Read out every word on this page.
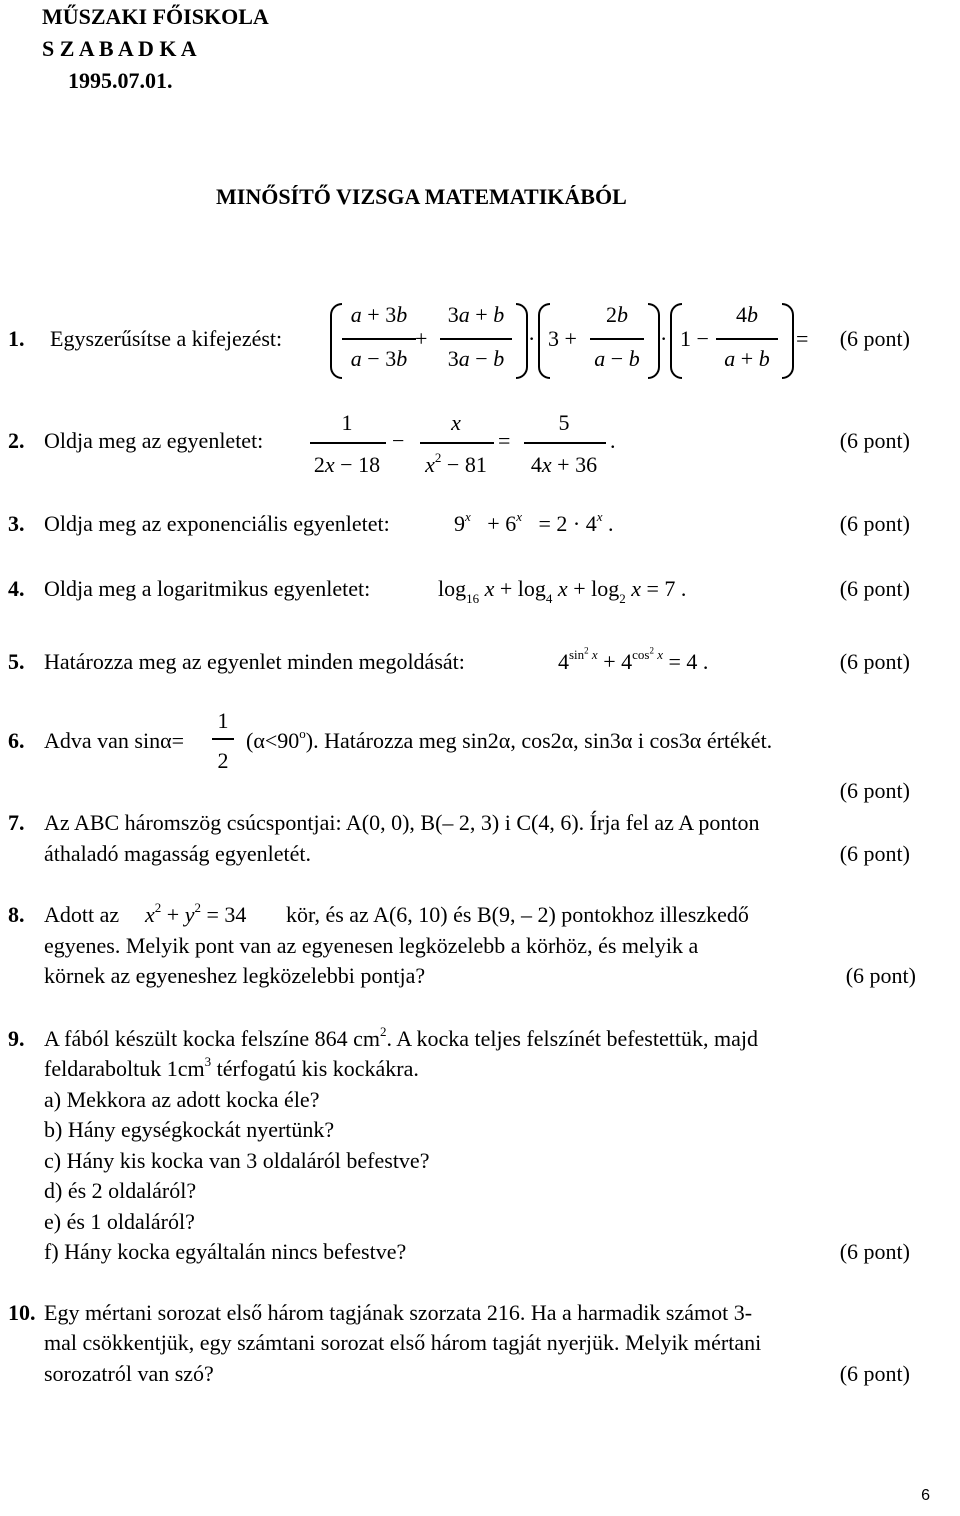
MŰSZAKI FŐISKOLA
S Z A B A D K A
1995.07.01.
MINŐSÍTŐ VIZSGA MATEMATIKÁBÓL
1. Egyszerűsítse a kifejezést:
a + 3b
a − 3b
+
3a + b
3a − b
· 3 +
2b
a − b
· 1 −
4b
a + b
= (6 pont)
2. Oldja meg az egyenletet:
1
2x − 18
−
x
$x^2 - 81$
=
5
4x + 36
.	(6 pont)
3. Oldja meg az exponenciális egyenletet:	$9^x + 6^x = 2 \cdot 4^x$ .	(6 pont)
4. Oldja meg a logaritmikus egyenletet:	$\log_{16} x + \log_4 x + \log_2 x = 7$ .	(6 pont)
5. Határozza meg az egyenlet minden megoldását:	$4^{sin^2 x} + 4^{cos^2 x} = 4$ .	(6 pont)
6. Adva van sinα=
1
2
$(\alpha<90^o)$. Határozza meg sin2α, cos2α, sin3α i cos3α értékét.
(6 pont)
7. Az ABC háromszög csúcspontjai: A(0, 0), B(– 2, 3) i C(4, 6). Írja fel az A ponton
áthaladó magasság egyenletét.	(6 pont)
8. Adott az $x^2 + y^2 = 34$ kör, és az A(6, 10) és B(9, – 2) pontokhoz illeszkedő
egyenes. Melyik pont van az egyenesen legközelebb a körhöz, és melyik a
körnek az egyeneshez legközelebbi pontja?	(6 pont)
9. A fából készült kocka felszíne 864 $cm^2$. A kocka teljes felszínét befestettük, majd
feldaraboltuk $1cm^3$ térfogatú kis kockákra.
a) Mekkora az adott kocka éle?
b) Hány egységkockát nyertünk?
c) Hány kis kocka van 3 oldaláról befestve?
d) és 2 oldaláról?
e) és 1 oldaláról?
f) Hány kocka egyáltalán nincs befestve?	(6 pont)
10. Egy mértani sorozat első három tagjának szorzata 216. Ha a harmadik számot 3-
mal csökkentjük, egy számtani sorozat első három tagját nyerjük. Melyik mértani
sorozatról van szó?	(6 pont)
6
